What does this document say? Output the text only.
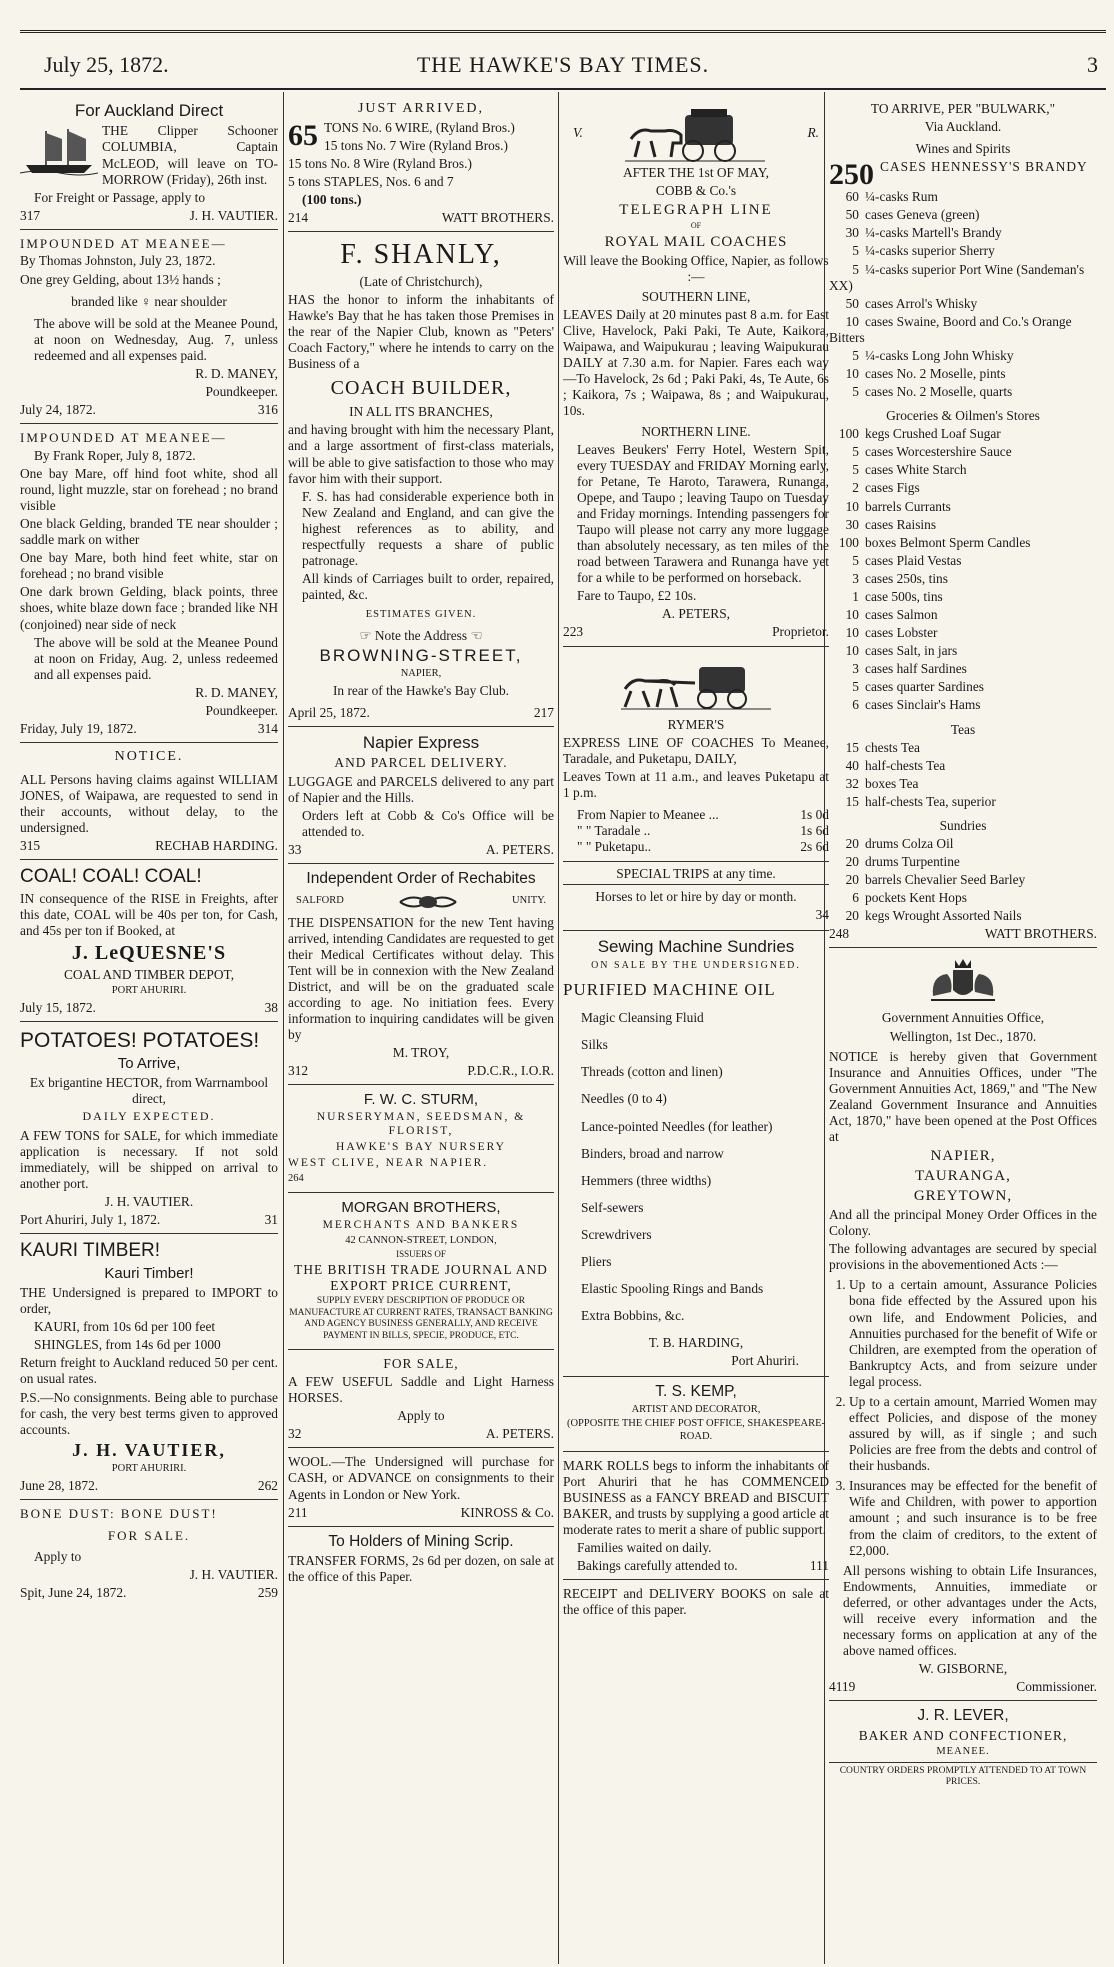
July 25, 1872.	THE HAWKE'S BAY TIMES.	3

For Auckland Direct

THE Clipper Schooner COLUMBIA, Captain McLEOD, will leave on TO-MORROW (Friday), 26th inst.

For Freight or Passage, apply to

317	J. H. VAUTIER.

IMPOUNDED AT MEANEE—

By Thomas Johnston, July 23, 1872.

One grey Gelding, about 13½ hands ;

branded like ♀ near shoulder

The above will be sold at the Meanee Pound, at noon on Wednesday, Aug. 7, unless redeemed and all expenses paid.

R. D. MANEY,

Poundkeeper.

July 24, 1872.	316

IMPOUNDED AT MEANEE—

By Frank Roper, July 8, 1872.

One bay Mare, off hind foot white, shod all round, light muzzle, star on forehead ; no brand visible

One black Gelding, branded TE near shoulder ; saddle mark on wither

One bay Mare, both hind feet white, star on forehead ; no brand visible

One dark brown Gelding, black points, three shoes, white blaze down face ; branded like NH (conjoined) near side of neck

The above will be sold at the Meanee Pound at noon on Friday, Aug. 2, unless redeemed and all expenses paid.

R. D. MANEY,

Poundkeeper.

Friday, July 19, 1872.	314

NOTICE.

ALL Persons having claims against WILLIAM JONES, of Waipawa, are requested to send in their accounts, without delay, to the undersigned.

315	RECHAB HARDING.

COAL! COAL! COAL!

IN consequence of the RISE in Freights, after this date, COAL will be 40s per ton, for Cash, and 45s per ton if Booked, at

J. LeQUESNE'S

COAL AND TIMBER DEPOT,

PORT AHURIRI.

July 15, 1872.	38

POTATOES! POTATOES!

To Arrive,

Ex brigantine HECTOR, from Warrnambool direct,

DAILY EXPECTED.

A FEW TONS for SALE, for which immediate application is necessary. If not sold immediately, will be shipped on arrival to another port.

J. H. VAUTIER.

Port Ahuriri, July 1, 1872.	31

KAURI TIMBER!

Kauri Timber!

THE Undersigned is prepared to IMPORT to order,

KAURI, from 10s 6d per 100 feet

SHINGLES, from 14s 6d per 1000

Return freight to Auckland reduced 50 per cent. on usual rates.

P.S.—No consignments. Being able to purchase for cash, the very best terms given to approved accounts.

J. H. VAUTIER,

PORT AHURIRI.

June 28, 1872.	262

BONE DUST: BONE DUST!

FOR SALE.

Apply to

J. H. VAUTIER.

Spit, June 24, 1872.	259

JUST ARRIVED,

65 TONS No. 6 WIRE, (Ryland Bros.)

15 tons No. 7 Wire (Ryland Bros.)

15 tons No. 8 Wire (Ryland Bros.)

5 tons STAPLES, Nos. 6 and 7

(100 tons.)

214	WATT BROTHERS.

F. SHANLY,

(Late of Christchurch),

HAS the honor to inform the inhabitants of Hawke's Bay that he has taken those Premises in the rear of the Napier Club, known as "Peters' Coach Factory," where he intends to carry on the Business of a

COACH BUILDER,

IN ALL ITS BRANCHES,

and having brought with him the necessary Plant, and a large assortment of first-class materials, will be able to give satisfaction to those who may favor him with their support.

F. S. has had considerable experience both in New Zealand and England, and can give the highest references as to ability, and respectfully requests a share of public patronage.

All kinds of Carriages built to order, repaired, painted, &c.

ESTIMATES GIVEN.

☞ Note the Address ☜

BROWNING-STREET,

NAPIER,

In rear of the Hawke's Bay Club.

April 25, 1872.	217

Napier Express

AND PARCEL DELIVERY.

LUGGAGE and PARCELS delivered to any part of Napier and the Hills.

Orders left at Cobb & Co's Office will be attended to.

33	A. PETERS.

Independent Order of Rechabites

SALFORD	UNITY.

THE DISPENSATION for the new Tent having arrived, intending Candidates are requested to get their Medical Certificates without delay. This Tent will be in connexion with the New Zealand District, and will be on the graduated scale according to age. No initiation fees. Every information to inquiring candidates will be given by

M. TROY,

312	P.D.C.R., I.O.R.

F. W. C. STURM,

NURSERYMAN, SEEDSMAN, & FLORIST,

HAWKE'S BAY NURSERY

WEST CLIVE, NEAR NAPIER.

264

MORGAN BROTHERS,

MERCHANTS AND BANKERS

42 CANNON-STREET, LONDON,

ISSUERS OF

THE BRITISH TRADE JOURNAL AND EXPORT PRICE CURRENT,

SUPPLY EVERY DESCRIPTION OF PRODUCE OR MANUFACTURE AT CURRENT RATES, TRANSACT BANKING AND AGENCY BUSINESS GENERALLY, AND RECEIVE PAYMENT IN BILLS, SPECIE, PRODUCE, ETC.

FOR SALE,

A FEW USEFUL Saddle and Light Harness HORSES.

Apply to

32	A. PETERS.

WOOL.—The Undersigned will purchase for CASH, or ADVANCE on consignments to their Agents in London or New York.

211	KINROSS & Co.

To Holders of Mining Scrip.

TRANSFER FORMS, 2s 6d per dozen, on sale at the office of this Paper.

V.	R.

AFTER THE 1st OF MAY,

COBB & Co.'s

TELEGRAPH LINE

OF

ROYAL MAIL COACHES

Will leave the Booking Office, Napier, as follows :—

SOUTHERN LINE,

LEAVES Daily at 20 minutes past 8 a.m. for East Clive, Havelock, Paki Paki, Te Aute, Kaikora, Waipawa, and Waipukurau ; leaving Waipukurau DAILY at 7.30 a.m. for Napier. Fares each way—To Havelock, 2s 6d ; Paki Paki, 4s, Te Aute, 6s ; Kaikora, 7s ; Waipawa, 8s ; and Waipukurau, 10s.

NORTHERN LINE.

Leaves Beukers' Ferry Hotel, Western Spit, every TUESDAY and FRIDAY Morning early, for Petane, Te Haroto, Tarawera, Runanga, Opepe, and Taupo ; leaving Taupo on Tuesday and Friday mornings. Intending passengers for Taupo will please not carry any more luggage than absolutely necessary, as ten miles of the road between Tarawera and Runanga have yet for a while to be performed on horseback.

Fare to Taupo, £2 10s.

A. PETERS,

223	Proprietor.

RYMER'S

EXPRESS LINE OF COACHES To Meanee, Taradale, and Puketapu, DAILY,

Leaves Town at 11 a.m., and leaves Puketapu at 1 p.m.

From Napier to Meanee ...	1s 0d
" " Taradale ..	1s 6d
" " Puketapu..	2s 6d

SPECIAL TRIPS at any time.

Horses to let or hire by day or month.

34

Sewing Machine Sundries

ON SALE BY THE UNDERSIGNED.

PURIFIED MACHINE OIL

Magic Cleansing Fluid
Silks
Threads (cotton and linen)
Needles (0 to 4)
Lance-pointed Needles (for leather)
Binders, broad and narrow
Hemmers (three widths)
Self-sewers
Screwdrivers
Pliers
Elastic Spooling Rings and Bands
Extra Bobbins, &c.

T. B. HARDING,

Port Ahuriri.

T. S. KEMP,

ARTIST AND DECORATOR,

(OPPOSITE THE CHIEF POST OFFICE, SHAKESPEARE-ROAD.

MARK ROLLS begs to inform the inhabitants of Port Ahuriri that he has COMMENCED BUSINESS as a FANCY BREAD and BISCUIT BAKER, and trusts by supplying a good article at moderate rates to merit a share of public support.

Families waited on daily.

Bakings carefully attended to.	111

RECEIPT and DELIVERY BOOKS on sale at the office of this paper.

TO ARRIVE, PER "BULWARK,"

Via Auckland.

Wines and Spirits

250 CASES HENNESSY'S BRANDY

60 ¼-casks Rum

50 cases Geneva (green)

30 ¼-casks Martell's Brandy

5 ¼-casks superior Sherry

5 ¼-casks superior Port Wine (Sandeman's XX)

50 cases Arrol's Whisky

10 cases Swaine, Boord and Co.'s Orange Bitters

5 ¼-casks Long John Whisky

10 cases No. 2 Moselle, pints

5 cases No. 2 Moselle, quarts

Groceries & Oilmen's Stores

100 kegs Crushed Loaf Sugar

5 cases Worcestershire Sauce

5 cases White Starch

2 cases Figs

10 barrels Currants

30 cases Raisins

100 boxes Belmont Sperm Candles

5 cases Plaid Vestas

3 cases 250s, tins

1 case 500s, tins

10 cases Salmon

10 cases Lobster

10 cases Salt, in jars

3 cases half Sardines

5 cases quarter Sardines

6 cases Sinclair's Hams

Teas

15 chests Tea

40 half-chests Tea

32 boxes Tea

15 half-chests Tea, superior

Sundries

20 drums Colza Oil

20 drums Turpentine

20 barrels Chevalier Seed Barley

6 pockets Kent Hops

20 kegs Wrought Assorted Nails

248	WATT BROTHERS.

Government Annuities Office,

Wellington, 1st Dec., 1870.

NOTICE is hereby given that Government Insurance and Annuities Offices, under "The Government Annuities Act, 1869," and "The New Zealand Government Insurance and Annuities Act, 1870," have been opened at the Post Offices at

NAPIER,

TAURANGA,

GREYTOWN,

And all the principal Money Order Offices in the Colony.

The following advantages are secured by special provisions in the abovementioned Acts :—

1. Up to a certain amount, Assurance Policies bona fide effected by the Assured upon his own life, and Endowment Policies, and Annuities purchased for the benefit of Wife or Children, are exempted from the operation of Bankruptcy Acts, and from seizure under legal process.
2. Up to a certain amount, Married Women may effect Policies, and dispose of the money assured by will, as if single ; and such Policies are free from the debts and control of their husbands.
3. Insurances may be effected for the benefit of Wife and Children, with power to apportion amount ; and such insurance is to be free from the claim of creditors, to the extent of £2,000.

All persons wishing to obtain Life Insurances, Endowments, Annuities, immediate or deferred, or other advantages under the Acts, will receive every information and the necessary forms on application at any of the above named offices.

W. GISBORNE,

4119	Commissioner.

J. R. LEVER,

BAKER AND CONFECTIONER,

MEANEE.

COUNTRY ORDERS PROMPTLY ATTENDED TO AT TOWN PRICES.
